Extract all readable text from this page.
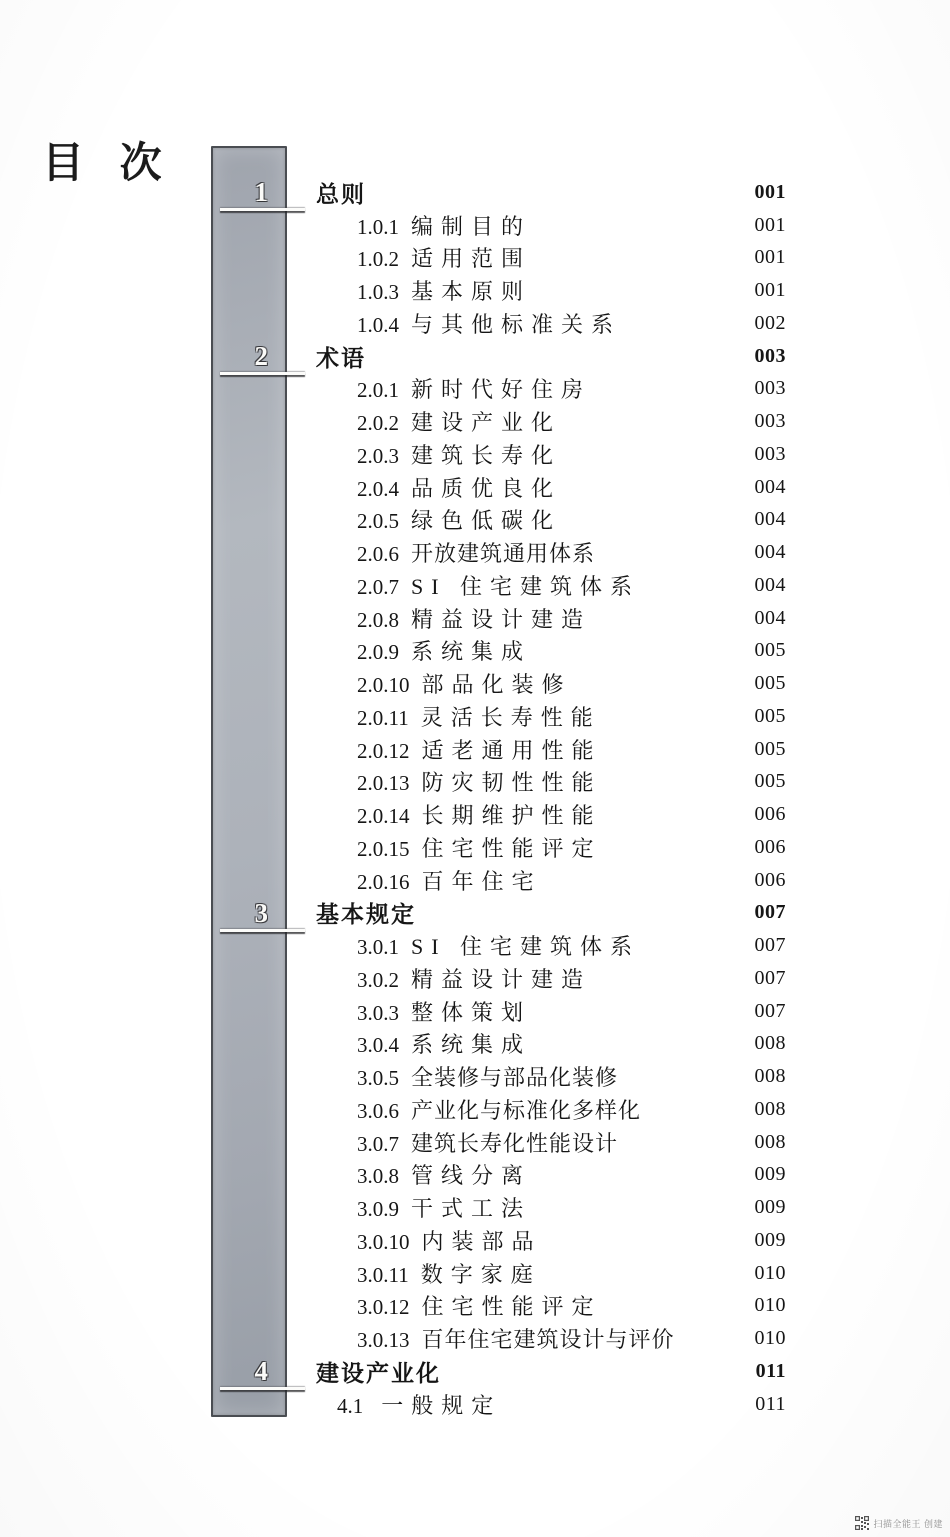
目 次
1
2
3
4
总则	001
1.0.1 编制目的	001
1.0.2 适用范围	001
1.0.3 基本原则	001
1.0.4 与其他标准关系	002
术语	003
2.0.1 新时代好住房	003
2.0.2 建设产业化	003
2.0.3 建筑长寿化	003
2.0.4 品质优良化	004
2.0.5 绿色低碳化	004
2.0.6 开放建筑通用体系	004
2.0.7 SI 住宅建筑体系	004
2.0.8 精益设计建造	004
2.0.9 系统集成	005
2.0.10 部品化装修	005
2.0.11 灵活长寿性能	005
2.0.12 适老通用性能	005
2.0.13 防灾韧性性能	005
2.0.14 长期维护性能	006
2.0.15 住宅性能评定	006
2.0.16 百年住宅	006
基本规定	007
3.0.1 SI 住宅建筑体系	007
3.0.2 精益设计建造	007
3.0.3 整体策划	007
3.0.4 系统集成	008
3.0.5 全装修与部品化装修	008
3.0.6 产业化与标准化多样化	008
3.0.7 建筑长寿化性能设计	008
3.0.8 管线分离	009
3.0.9 干式工法	009
3.0.10 内装部品	009
3.0.11 数字家庭	010
3.0.12 住宅性能评定	010
3.0.13 百年住宅建筑设计与评价	010
建设产业化	011
4.1 一般规定	011
扫描全能王 创建
